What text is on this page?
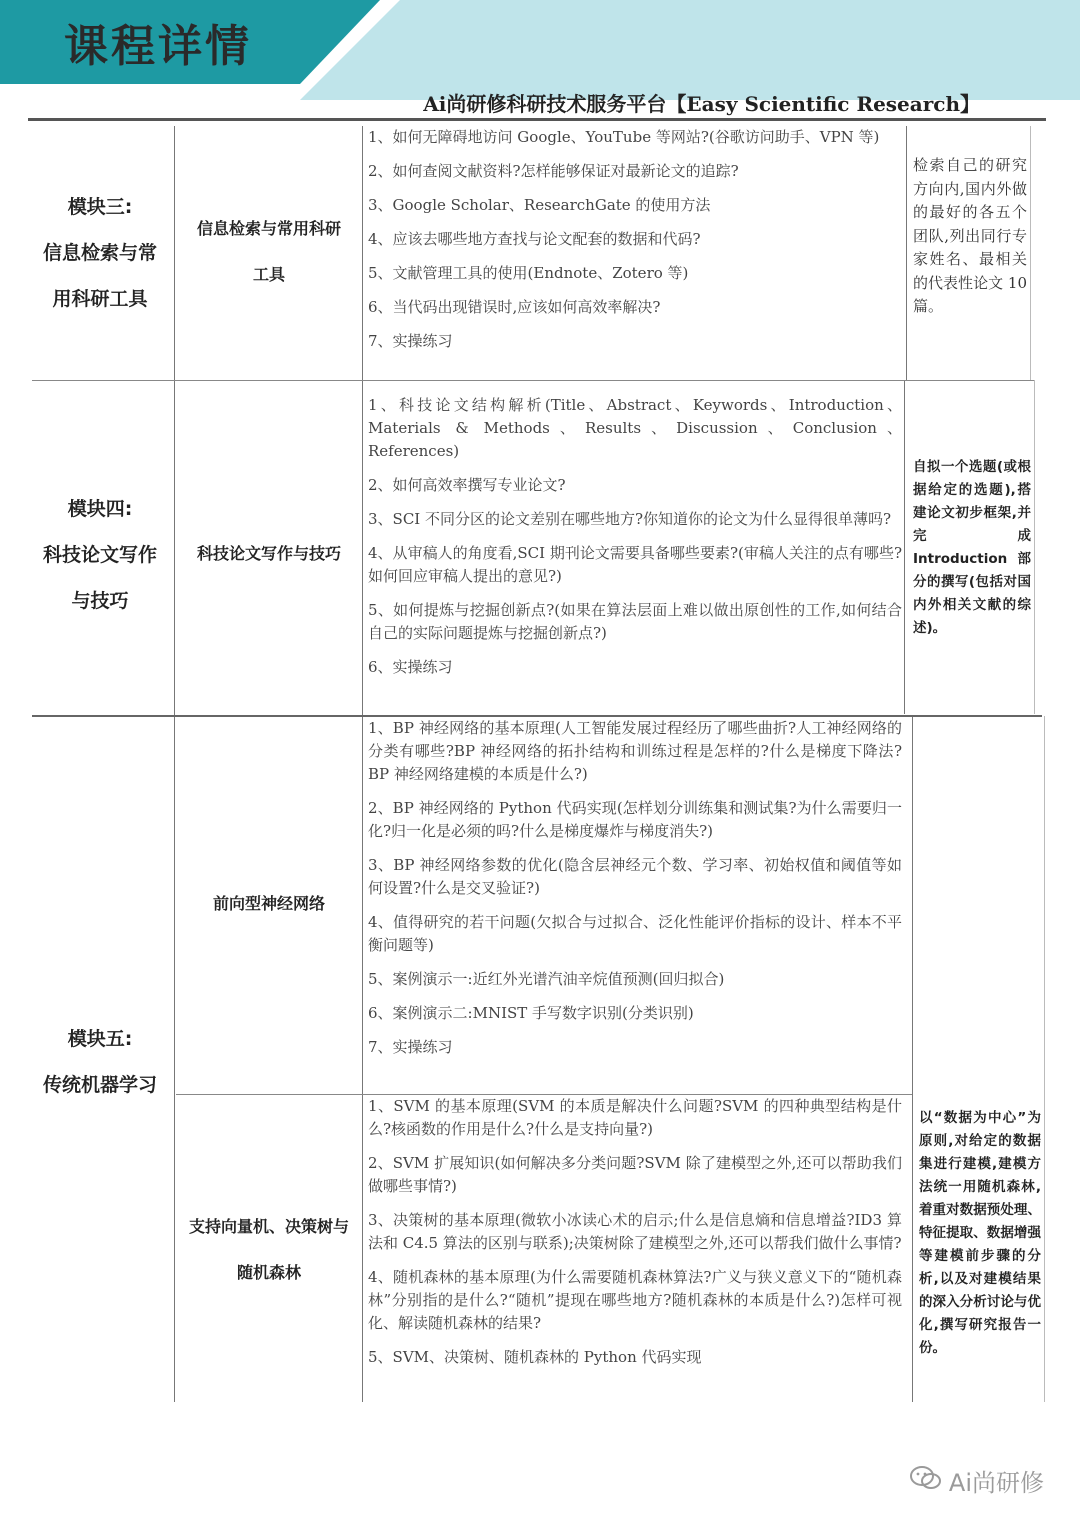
课程详情
Ai尚研修科研技术服务平台【Easy Scientific Research】
模块三:
信息检索与常
用科研工具
信息检索与常用科研
工具
1、如何无障碍地访问 Google、YouTube 等网站?(谷歌访问助手、VPN 等)
2、如何查阅文献资料?怎样能够保证对最新论文的追踪?
3、Google Scholar、ResearchGate 的使用方法
4、应该去哪些地方查找与论文配套的数据和代码?
5、文献管理工具的使用(Endnote、Zotero 等)
6、当代码出现错误时,应该如何高效率解决?
7、实操练习
检索自己的研究方向内,国内外做的最好的各五个团队,列出同行专家姓名、最相关的代表性论文 10 篇。
模块四:
科技论文写作
与技巧
科技论文写作与技巧
1、科技论文结构解析(Title、Abstract、Keywords、Introduction、Materials & Methods、Results、Discussion、Conclusion、References)
2、如何高效率撰写专业论文?
3、SCI 不同分区的论文差别在哪些地方?你知道你的论文为什么显得很单薄吗?
4、从审稿人的角度看,SCI 期刊论文需要具备哪些要素?(审稿人关注的点有哪些?如何回应审稿人提出的意见?)
5、如何提炼与挖掘创新点?(如果在算法层面上难以做出原创性的工作,如何结合自己的实际问题提炼与挖掘创新点?)
6、实操练习
自拟一个选题(或根据给定的选题),搭建论文初步框架,并完成 Introduction 部分的撰写(包括对国内外相关文献的综述)。
模块五:
传统机器学习
前向型神经网络
1、BP 神经网络的基本原理(人工智能发展过程经历了哪些曲折?人工神经网络的分类有哪些?BP 神经网络的拓扑结构和训练过程是怎样的?什么是梯度下降法?BP 神经网络建模的本质是什么?)
2、BP 神经网络的 Python 代码实现(怎样划分训练集和测试集?为什么需要归一化?归一化是必须的吗?什么是梯度爆炸与梯度消失?)
3、BP 神经网络参数的优化(隐含层神经元个数、学习率、初始权值和阈值等如何设置?什么是交叉验证?)
4、值得研究的若干问题(欠拟合与过拟合、泛化性能评价指标的设计、样本不平衡问题等)
5、案例演示一:近红外光谱汽油辛烷值预测(回归拟合)
6、案例演示二:MNIST 手写数字识别(分类识别)
7、实操练习
支持向量机、决策树与
随机森林
1、SVM 的基本原理(SVM 的本质是解决什么问题?SVM 的四种典型结构是什么?核函数的作用是什么?什么是支持向量?)
2、SVM 扩展知识(如何解决多分类问题?SVM 除了建模型之外,还可以帮助我们做哪些事情?)
3、决策树的基本原理(微软小冰读心术的启示;什么是信息熵和信息增益?ID3 算法和 C4.5 算法的区别与联系);决策树除了建模型之外,还可以帮我们做什么事情?
4、随机森林的基本原理(为什么需要随机森林算法?广义与狭义意义下的“随机森林”分别指的是什么?“随机”提现在哪些地方?随机森林的本质是什么?)怎样可视化、解读随机森林的结果?
5、SVM、决策树、随机森林的 Python 代码实现
以“数据为中心”为原则,对给定的数据集进行建模,建模方法统一用随机森林,着重对数据预处理、特征提取、数据增强等建模前步骤的分析,以及对建模结果的深入分析讨论与优化,撰写研究报告一份。
Ai尚研修
